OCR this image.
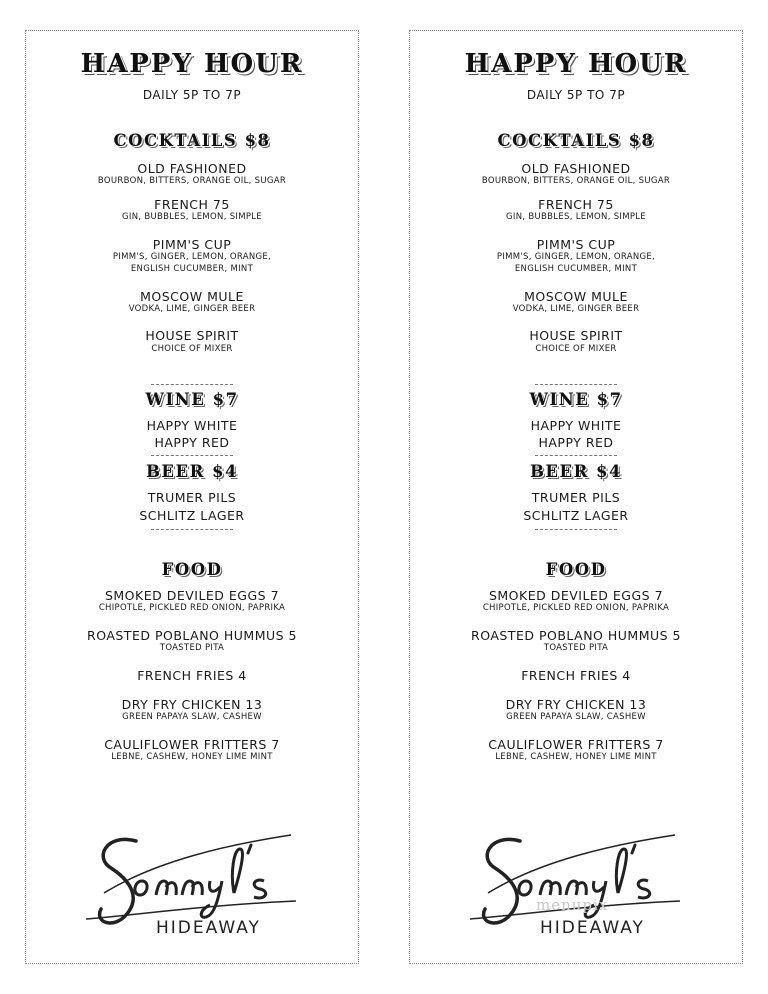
HAPPY HOUR
DAILY 5P TO 7P
COCKTAILS $8
OLD FASHIONED
BOURBON, BITTERS, ORANGE OIL, SUGAR
FRENCH 75
GIN, BUBBLES, LEMON, SIMPLE
PIMM'S CUP
PIMM'S, GINGER, LEMON, ORANGE,
ENGLISH CUCUMBER, MINT
MOSCOW MULE
VODKA, LIME, GINGER BEER
HOUSE SPIRIT
CHOICE OF MIXER
WINE $7
HAPPY WHITE
HAPPY RED
BEER $4
TRUMER PILS
SCHLITZ LAGER
FOOD
SMOKED DEVILED EGGS 7
CHIPOTLE, PICKLED RED ONION, PAPRIKA
ROASTED POBLANO HUMMUS 5
TOASTED PITA
FRENCH FRIES 4
DRY FRY CHICKEN 13
GREEN PAPAYA SLAW, CASHEW
CAULIFLOWER FRITTERS 7
LEBNE, CASHEW, HONEY LIME MINT
HIDEAWAY
HAPPY HOUR
DAILY 5P TO 7P
COCKTAILS $8
OLD FASHIONED
BOURBON, BITTERS, ORANGE OIL, SUGAR
FRENCH 75
GIN, BUBBLES, LEMON, SIMPLE
PIMM'S CUP
PIMM'S, GINGER, LEMON, ORANGE,
ENGLISH CUCUMBER, MINT
MOSCOW MULE
VODKA, LIME, GINGER BEER
HOUSE SPIRIT
CHOICE OF MIXER
WINE $7
HAPPY WHITE
HAPPY RED
BEER $4
TRUMER PILS
SCHLITZ LAGER
FOOD
SMOKED DEVILED EGGS 7
CHIPOTLE, PICKLED RED ONION, PAPRIKA
ROASTED POBLANO HUMMUS 5
TOASTED PITA
FRENCH FRIES 4
DRY FRY CHICKEN 13
GREEN PAPAYA SLAW, CASHEW
CAULIFLOWER FRITTERS 7
LEBNE, CASHEW, HONEY LIME MINT
HIDEAWAY
menupix
